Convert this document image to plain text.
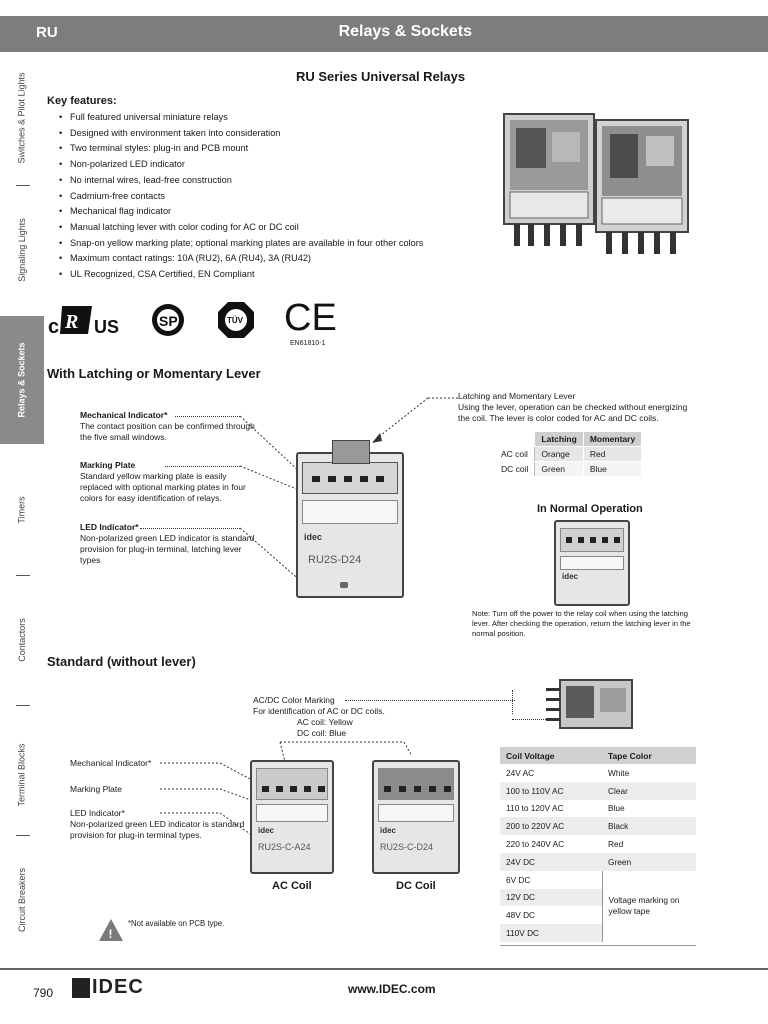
RU	Relays & Sockets
Switches & Pilot Lights
Signaling Lights
Relays & Sockets
Timers
Contactors
Terminal Blocks
Circuit Breakers
RU Series Universal Relays
Key features:
• Full featured universal miniature relays
• Designed with environment taken into consideration
• Two terminal styles: plug-in and PCB mount
• Non-polarized LED indicator
• No internal wires, lead-free construction
• Cadmium-free contacts
• Mechanical flag indicator
• Manual latching lever with color coding for AC or DC coil
• Snap-on yellow marking plate; optional marking plates are available in four other colors
• Maximum contact ratings: 10A (RU2), 6A (RU4), 3A (RU42)
• UL Recognized, CSA Certified, EN Compliant
c R US	SP	TÜV CE
EN61810-1
With Latching or Momentary Lever
Mechanical Indicator*
The contact position can be confirmed through the five small windows.
Marking Plate
Standard yellow marking plate is easily replaced with optional marking plates in four colors for easy identification of relays.
LED Indicator*
Non-polarized green LED indicator is standard provision for plug-in terminal, latching lever types
idec
RU2S-D24
Latching and Momentary Lever
Using the lever, operation can be checked without energizing the coil. The lever is color coded for AC and DC coils.
	Latching	Momentary
AC coil	Orange	Red
DC coil	Green	Blue
In Normal Operation
idec
Note: Turn off the power to the relay coil when using the latching lever. After checking the operation, return the latching lever in the normal position.
Standard (without lever)
AC/DC Color Marking
For identification of AC or DC coils.
AC coil: Yellow
DC coil: Blue
Mechanical Indicator*
Marking Plate
LED Indicator*
Non-polarized green LED indicator is standard provision for plug-in terminal types.	idec
RU2S-C-A24
AC Coil
idec
RU2S-C-D24
DC Coil
Coil Voltage	Tape Color
24V AC	White
100 to 110V AC	Clear
110 to 120V AC	Blue
200 to 220V AC	Black
220 to 240V AC	Red
24V DC	Green
6V DC	Voltage marking on yellow tape
12V DC	
48V DC	
110V DC	
!
*Not available on PCB type.
790 IDEC	www.IDEC.com
